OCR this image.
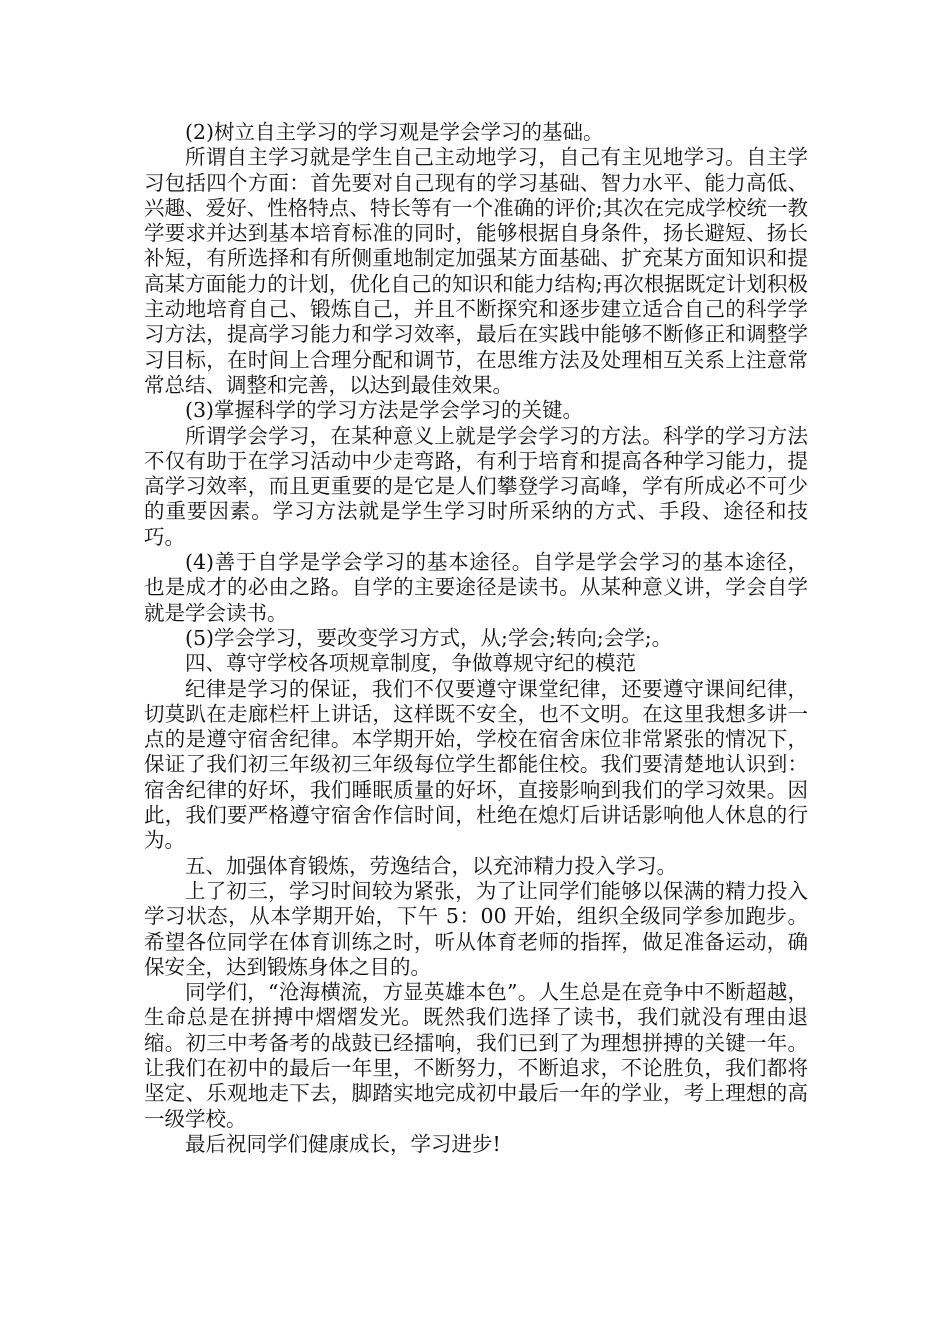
(2)树立自主学习的学习观是学会学习的基础。

所谓自主学习就是学生自己主动地学习，自己有主见地学习。自主学习包括四个方面：首先要对自己现有的学习基础、智力水平、能力高低、兴趣、爱好、性格特点、特长等有一个准确的评价;其次在完成学校统一教学要求并达到基本培育标准的同时，能够根据自身条件，扬长避短、扬长补短，有所选择和有所侧重地制定加强某方面基础、扩充某方面知识和提高某方面能力的计划，优化自己的知识和能力结构;再次根据既定计划积极主动地培育自己、锻炼自己，并且不断探究和逐步建立适合自己的科学学习方法，提高学习能力和学习效率，最后在实践中能够不断修正和调整学习目标，在时间上合理分配和调节，在思维方法及处理相互关系上注意常常总结、调整和完善，以达到最佳效果。

(3)掌握科学的学习方法是学会学习的关键。

所谓学会学习，在某种意义上就是学会学习的方法。科学的学习方法不仅有助于在学习活动中少走弯路，有利于培育和提高各种学习能力，提高学习效率，而且更重要的是它是人们攀登学习高峰，学有所成必不可少的重要因素。学习方法就是学生学习时所采纳的方式、手段、途径和技巧。

(4)善于自学是学会学习的基本途径。自学是学会学习的基本途径，也是成才的必由之路。自学的主要途径是读书。从某种意义讲，学会自学就是学会读书。

(5)学会学习，要改变学习方式，从;学会;转向;会学;。

四、尊守学校各项规章制度，争做尊规守纪的模范

纪律是学习的保证，我们不仅要遵守课堂纪律，还要遵守课间纪律，切莫趴在走廊栏杆上讲话，这样既不安全，也不文明。在这里我想多讲一点的是遵守宿舍纪律。本学期开始，学校在宿舍床位非常紧张的情况下，保证了我们初三年级初三年级每位学生都能住校。我们要清楚地认识到：宿舍纪律的好坏，我们睡眠质量的好坏，直接影响到我们的学习效果。因此，我们要严格遵守宿舍作信时间，杜绝在熄灯后讲话影响他人休息的行为。

五、加强体育锻炼，劳逸结合，以充沛精力投入学习。

上了初三，学习时间较为紧张，为了让同学们能够以保满的精力投入学习状态，从本学期开始，下午 5：00 开始，组织全级同学参加跑步。希望各位同学在体育训练之时，听从体育老师的指挥，做足准备运动，确保安全，达到锻炼身体之目的。

同学们，“沧海横流，方显英雄本色”。人生总是在竞争中不断超越，生命总是在拼搏中熠熠发光。既然我们选择了读书，我们就没有理由退缩。初三中考备考的战鼓已经擂响，我们已到了为理想拼搏的关键一年。让我们在初中的最后一年里，不断努力，不断追求，不论胜负，我们都将坚定、乐观地走下去，脚踏实地完成初中最后一年的学业，考上理想的高一级学校。

最后祝同学们健康成长，学习进步!
